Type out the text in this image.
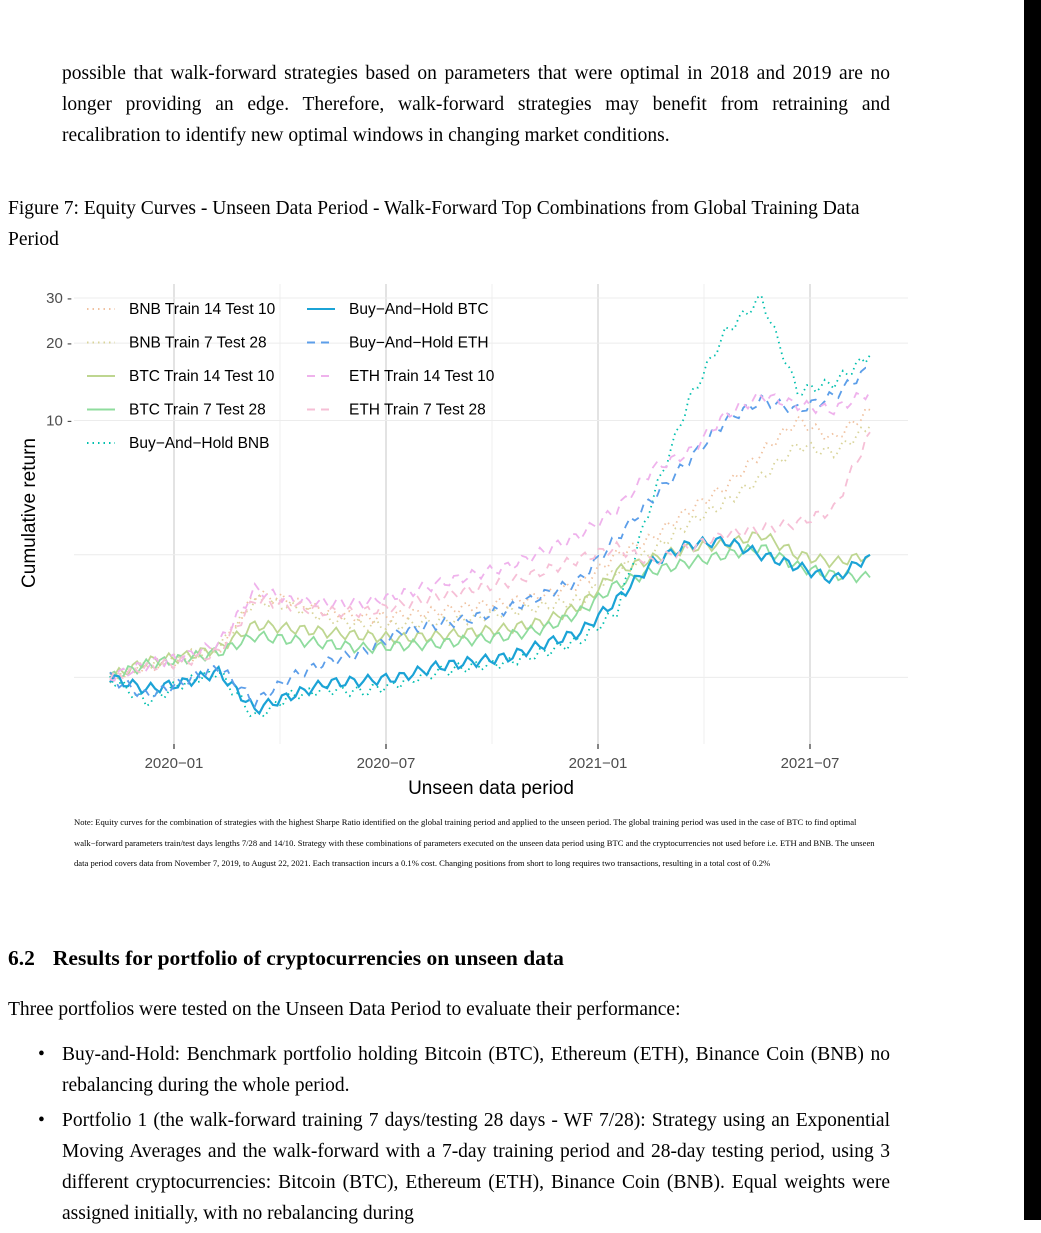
possible that walk-forward strategies based on parameters that were optimal in 2018 and 2019 are no longer providing an edge. Therefore, walk-forward strategies may benefit from retraining and recalibration to identify new optimal windows in changing market conditions.

Figure 7: Equity Curves - Unseen Data Period - Walk-Forward Top Combinations from Global Training Data Period
30 -
20 -
10 -
2020−01	2020−07	2021−01	2021−07
Unseen data period
Cumulative return
BNB Train 14 Test 10
BNB Train 7 Test 28
BTC Train 14 Test 10
BTC Train 7 Test 28
Buy−And−Hold BNB
Buy−And−Hold BTC
Buy−And−Hold ETH
ETH Train 14 Test 10
ETH Train 7 Test 28
Note: Equity curves for the combination of strategies with the highest Sharpe Ratio identified on the global training period and applied to the unseen period. The global training period was used in the case of BTC to find optimal walk−forward parameters train/test days lengths 7/28 and 14/10. Strategy with these combinations of parameters executed on the unseen data period using BTC and the cryptocurrencies not used before i.e. ETH and BNB. The unseen data period covers data from November 7, 2019, to August 22, 2021. Each transaction incurs a 0.1% cost. Changing positions from short to long requires two transactions, resulting in a total cost of 0.2%
6.2 Results for portfolio of cryptocurrencies on unseen data
Three portfolios were tested on the Unseen Data Period to evaluate their performance:
• Buy-and-Hold: Benchmark portfolio holding Bitcoin (BTC), Ethereum (ETH), Binance Coin (BNB) no rebalancing during the whole period.
• Portfolio 1 (the walk-forward training 7 days/testing 28 days - WF 7/28): Strategy using an Exponential Moving Averages and the walk-forward with a 7-day training period and 28-day testing period, using 3 different cryptocurrencies: Bitcoin (BTC), Ethereum (ETH), Binance Coin (BNB). Equal weights were assigned initially, with no rebalancing during
